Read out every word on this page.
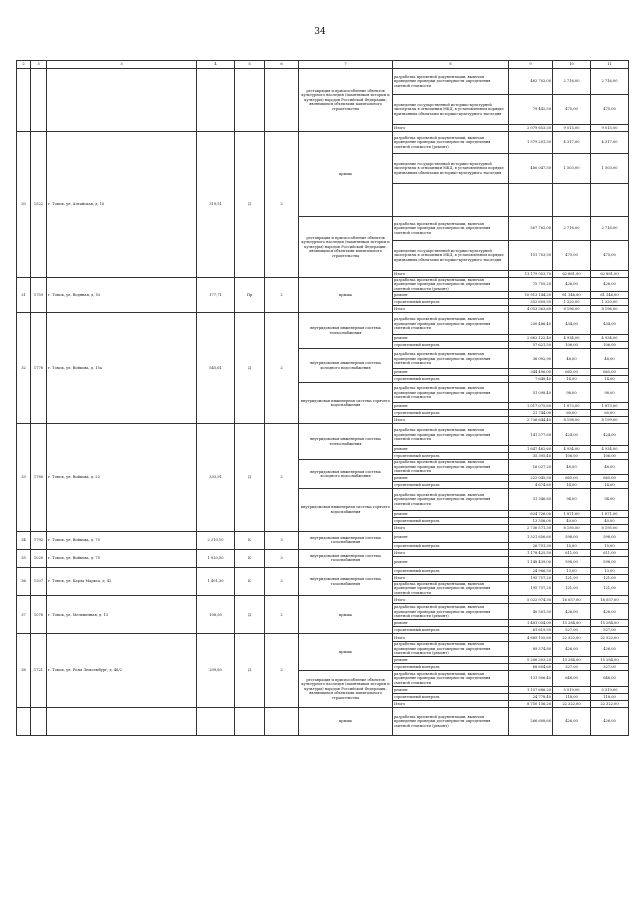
34
2	3	3	4	5	6	7	8	9	10	11
						реставрация и приспособление объектов культурного наследия (памятников истории и культуры) народов Российской Федерации, являющихся объектами капитального строительства	разработка проектной документации, включая проведение проверки достоверности определения сметной стоимости	462 702,00	2 716,00	2 716,00
							проведение государственной историко-культурной экспертизы в отношении МКД, в установленном порядке признанных объектами историко-культурного наследия	79 442,50	475,00	475,00
							Итого	2 079 653,50	9 015,00	9 015,00
30	1522	г. Томск, ул. Алтайская, д. 10	319,51	Д	2	крыша	разработка проектной документации, включая проведение проверки достоверности определения сметной стоимости (ремонт)	1 579 201,50	4 317,00	4 317,00
							проведение государственной историко-культурной экспертизы в отношении МКД, в установленном порядке признанных объектами историко-культурного наследия	480 047,50	1 503,00	1 503,00

						реставрация и приспособление объектов культурного наследия (памятников истории и культуры) народов Российской Федерации, являющихся объектами капитального строительства	разработка проектной документации, включая проведение проверки достоверности определения сметной стоимости	567 762,00	2 716,00	2 716,00
							проведение государственной историко-культурной экспертизы в отношении МКД, в установленном порядке признанных объектами историко-культурного наследия	151 703,50	475,00	475,00
							Итого	11 179 953,70	62 881,00	62 881,00
31	1759	г. Томск, ул. Водяная, д. 53	177,71	Пр	2	крыша	разработка проектной документации, включая проведение проверки достоверности определения сметной стоимости (ремонт)	75 705,20	426,00	426,00
							ремонт	10 913 144,20	61 146,00	61 146,00
							строительный контроль	352 609,50	1 320,00	1 320,00
							Итого	4 053 563,60	8 196,00	8 196,00
32	1778	г. Томск, ул. Войкова, д. 15а	545,61	Д	2	внутридомовая инженерная система теплоснабжения	разработка проектной документации, включая проведение проверки достоверности определения сметной стоимости	230 486,40	434,00	434,00
							ремонт	2 662 122,40	4 934,00	4 934,00
							строительный контроль	57 621,50	106,00	106,00
						внутридомовая инженерная система холодного водоснабжения	разработка проектной документации, включая проведение проверки достоверности определения сметной стоимости	36 092,90	48,00	48,00
							ремонт	344 496,00	665,00	665,00
							строительный контроль	7 648,40	14,00	14,00
						внутридомовая инженерная система горячего водоснабжения	разработка проектной документации, включая проведение проверки достоверности определения сметной стоимости	51 098,40	98,00	98,00
							ремонт	1 017 075,60	1 873,00	1 873,00
							строительный контроль	21 744,00	60,00	60,00
							Итого	2 736 644,40	8 198,00	8 199,00
33	1780	г. Томск, ул. Войкова, д. 22	333,91	Д	2	внутридомовая инженерная система теплоснабжения	разработка проектной документации, включая проведение проверки достоверности определения сметной стоимости	141 577,60	424,00	424,00
							ремонт	1 647 462,60	4 934,00	4 934,00
							строительный контроль	35 395,40	106,00	106,00
						внутридомовая инженерная система холодного водоснабжения	разработка проектной документации, включая проведение проверки достоверности определения сметной стоимости	16 027,20	48,00	48,00
							ремонт	222 045,50	665,00	665,00
							строительный контроль	4 674,60	14,00	14,00
						внутридомовая инженерная система горячего водоснабжения	разработка проектной документации, включая проведение проверки достоверности определения сметной стоимости	31 346,60	94,00	94,00
							ремонт	624 726,00	1 871,00	1 871,00
							строительный контроль	13 356,00	40,00	40,00
							Итого	2 736 571,30	8 195,00	8 195,00
34	1792	г. Томск, ул. Войкова, д. 70	2 210,10	К	3	внутридомовая инженерная система газоснабжения	ремонт	1 321 656,60	598,00	598,00
							строительный контроль	26 751,30	15,00	15,00
35	1020	г. Томск, ул. Войкова, д. 75	1 920,50	К	3	внутридомовая инженерная система газоснабжения	Итого	1 178 425,50	611,00	611,00
							ремонт	1 148 439,00	598,00	598,00
36	1207	г. Томск, ул. Карла Маркса, д. 42	1 401,30	К	3	внутридомовая инженерная система газоснабжения	строительный контроль	24 966,50	13,00	13,00
							Итого	195 757,20	121,00	121,00
							разработка проектной документации, включая проведение проверки достоверности определения сметной стоимости	195 757,20	121,00	121,00
37	1076	г. Томск, ул. Мельничная, д. 13	108,50	Д	2	крыша	Итого	5 022 974,30	16 057,00	16 057,00
							разработка проектной документации, включая проведение проверки достоверности определения сметной стоимости (ремонт)	40 501,50	426,00	426,00
							ремонт	1 481 054,00	15 284,00	15 284,00
							строительный контроль	61 619,50	527,00	527,00
38	1721	г. Томск, ул. Розы Люксембург, д. 46/2	299,80	Д	2	крыша	Итого	4 685 155,60	22 522,00	22 522,00
							разработка проектной документации, включая проведение проверки достоверности определения сметной стоимости (ремонт)	89 374,80	426,00	426,00
							ремонт	5 206 303,20	15 284,00	15 284,00
							строительный контроль	68 604,60	327,00	327,00
						реставрация и приспособление объектов культурного наследия (памятников истории и культуры) народов Российской Федерации, являющихся объектами капитального строительства	разработка проектной документации, включая проведение проверки достоверности определения сметной стоимости	131 906,40	648,00	648,00
							ремонт	1 157 686,20	5 519,00	5 519,00
							строительный контроль	24 778,40	118,00	118,00
							Итого	8 750 156,20	22 322,00	22 322,00
						крыша	разработка проектной документации, включая проведение проверки достоверности определения сметной стоимости (ремонт)	266 608,60	426,00	426,00
